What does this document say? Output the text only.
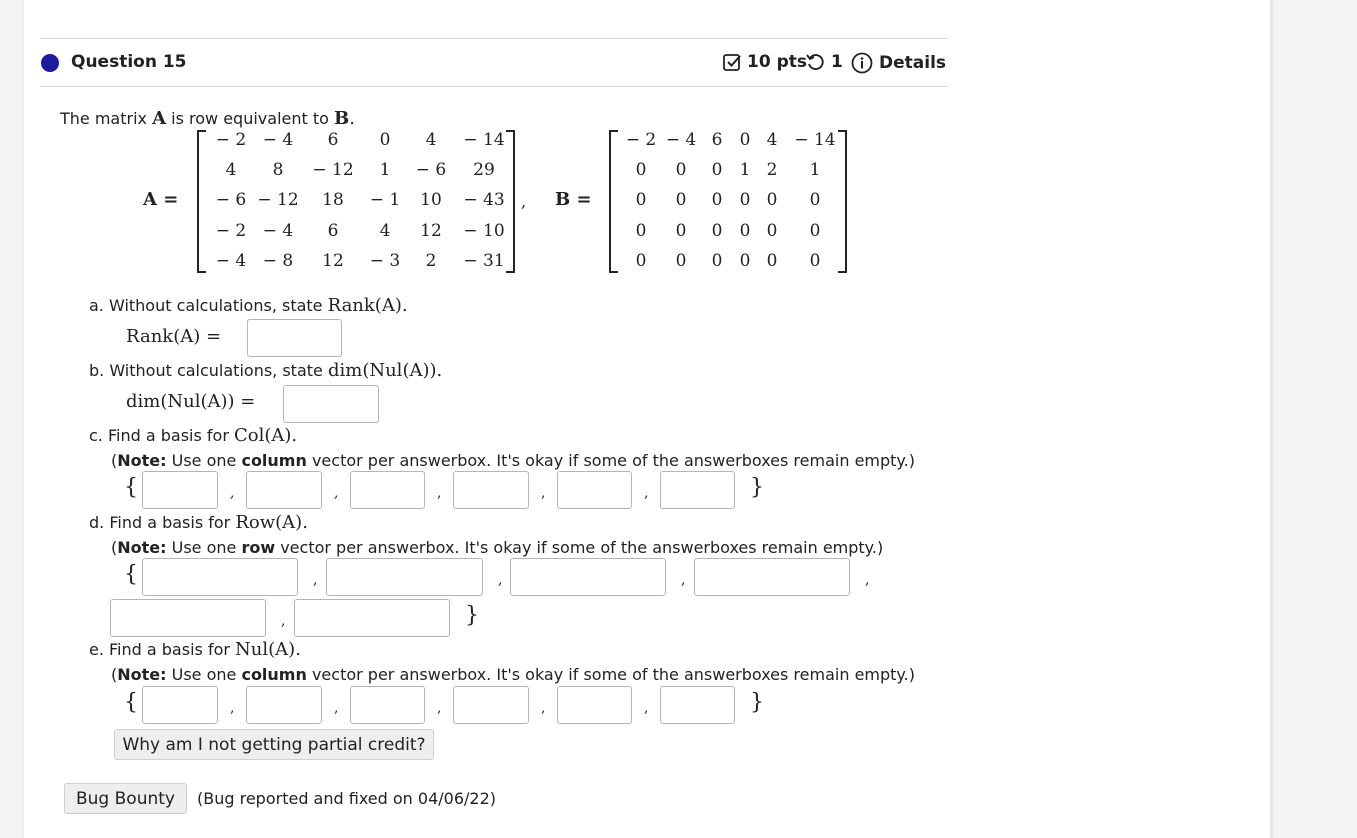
Question 15	10 pts 1 Details
The matrix A is row equivalent to B.
A =
− 2 − 4 6 0 4 − 14
4 8 − 12 1 − 6 29
− 6 − 12 18 − 1 10 − 43
− 2 − 4 6 4 12 − 10
− 4 − 8 12 − 3 2 − 31
, B =
− 2 − 4 6 0 4 − 14
0 0 0 1 2 1
0 0 0 0 0 0
0 0 0 0 0 0
0 0 0 0 0 0
a. Without calculations, state Rank(A).
Rank(A) =
b. Without calculations, state dim(Nul(A)).
dim(Nul(A)) =
c. Find a basis for Col(A).
(Note: Use one column vector per answerbox. It's okay if some of the answerboxes remain empty.)
{	,	,	,	,	,	}
d. Find a basis for Row(A).
(Note: Use one row vector per answerbox. It's okay if some of the answerboxes remain empty.)
{	,	,	,	,
,	}
e. Find a basis for Nul(A).
(Note: Use one column vector per answerbox. It's okay if some of the answerboxes remain empty.)
{	,	,	,	,	,	}
Why am I not getting partial credit?
Bug Bounty	(Bug reported and fixed on 04/06/22)
